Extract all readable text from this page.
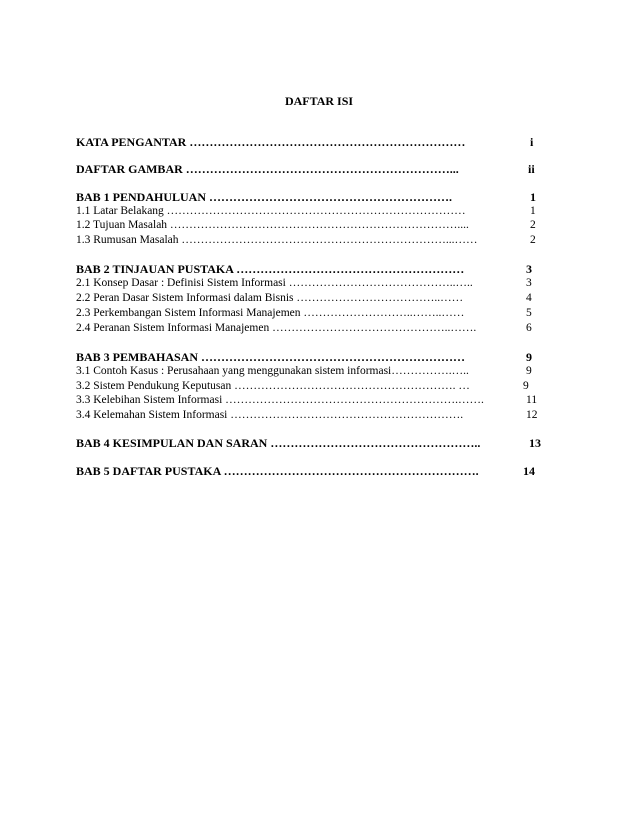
DAFTAR ISI
KATA PENGANTAR ……………………………………………………………	i
DAFTAR GAMBAR …………………………………………………………...	ii
BAB 1 PENDAHULUAN …………………………………………………….	1
1.1 Latar Belakang ……………………………………………………………………	1
1.2 Tujuan Masalah …………………………………………………………………....	2
1.3 Rumusan Masalah ……………………………………………………………...……	2
BAB 2 TINJAUAN PUSTAKA …………………………………………………	3
2.1 Konsep Dasar : Definisi Sistem Informasi ……………………………………..…..	3
2.2 Peran Dasar Sistem Informasi dalam Bisnis ………………………………..……	4
2.3 Perkembangan Sistem Informasi Manajemen ………………………..……..……	5
2.4 Peranan Sistem Informasi Manajemen ………………………………………..…….	6
BAB 3 PEMBAHASAN …………………………………………………………	9
3.1 Contoh Kasus : Perusahaan yang menggunakan sistem informasi…………….…..	9
3.2 Sistem Pendukung Keputusan …………………………………………………. …	9
3.3 Kelebihan Sistem Informasi …………………………………………………….…….	11
3.4 Kelemahan Sistem Informasi …………………………………………………….	12
BAB 4 KESIMPULAN DAN SARAN ……………………………………………..	13
BAB 5 DAFTAR PUSTAKA ……………………………………………………….	14
